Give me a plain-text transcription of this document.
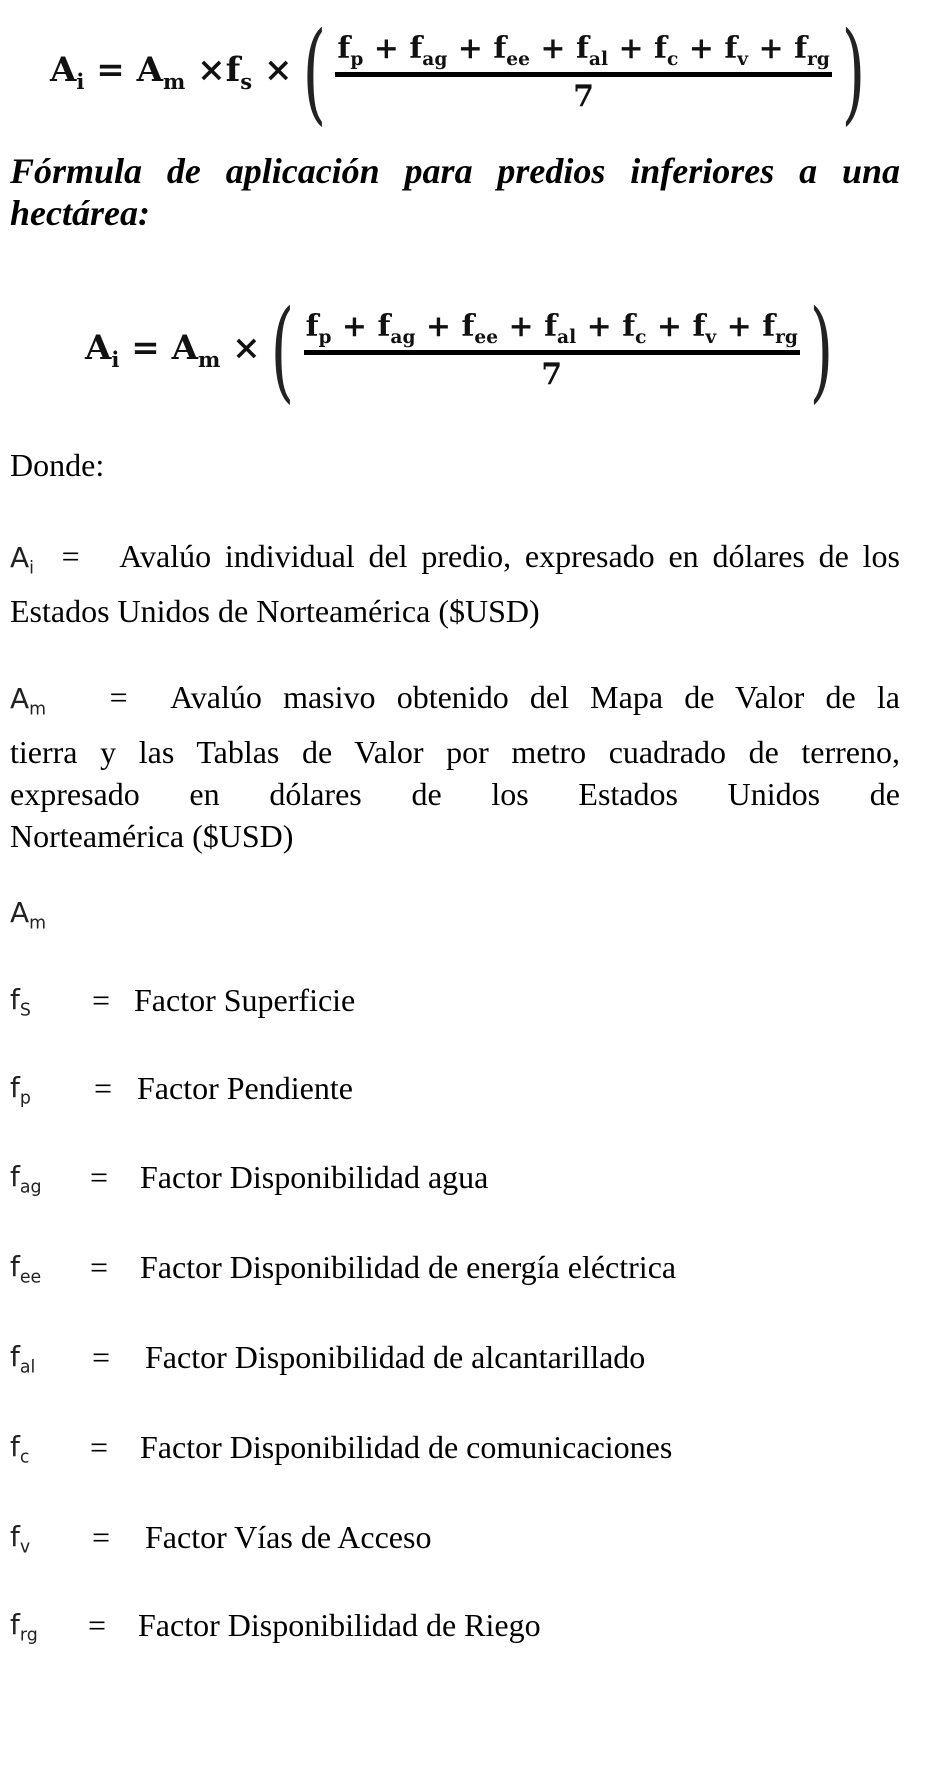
$A_i = A_m \times f_s$ × ( $f_p + f_{ag} + f_{ee} + f_{al} + f_c + f_v + f_{rg}$
7 )
Fórmula de aplicación para predios inferiores a una hectárea:
$A_i = A_m$ × ( $f_p + f_{ag} + f_{ee} + f_{al} + f_c + f_v + f_{rg}$
7 )
Donde:
$A_i$ = Avalúo individual del predio, expresado en dólares de los Estados Unidos de Norteamérica ($USD)
$A_m$ = Avalúo masivo obtenido del Mapa de Valor de la
tierra y las Tablas de Valor por metro cuadrado de terreno,
expresado en dólares de los Estados Unidos de
Norteamérica ($USD)
$A_m$
$f_S$ = Factor Superficie
$f_p$ = Factor Pendiente
$f_{ag}$ = Factor Disponibilidad agua
$f_{ee}$ = Factor Disponibilidad de energía eléctrica
$f_{al}$ = Factor Disponibilidad de alcantarillado
$f_c$ = Factor Disponibilidad de comunicaciones
$f_v$ = Factor Vías de Acceso
$f_{rg}$ = Factor Disponibilidad de Riego
